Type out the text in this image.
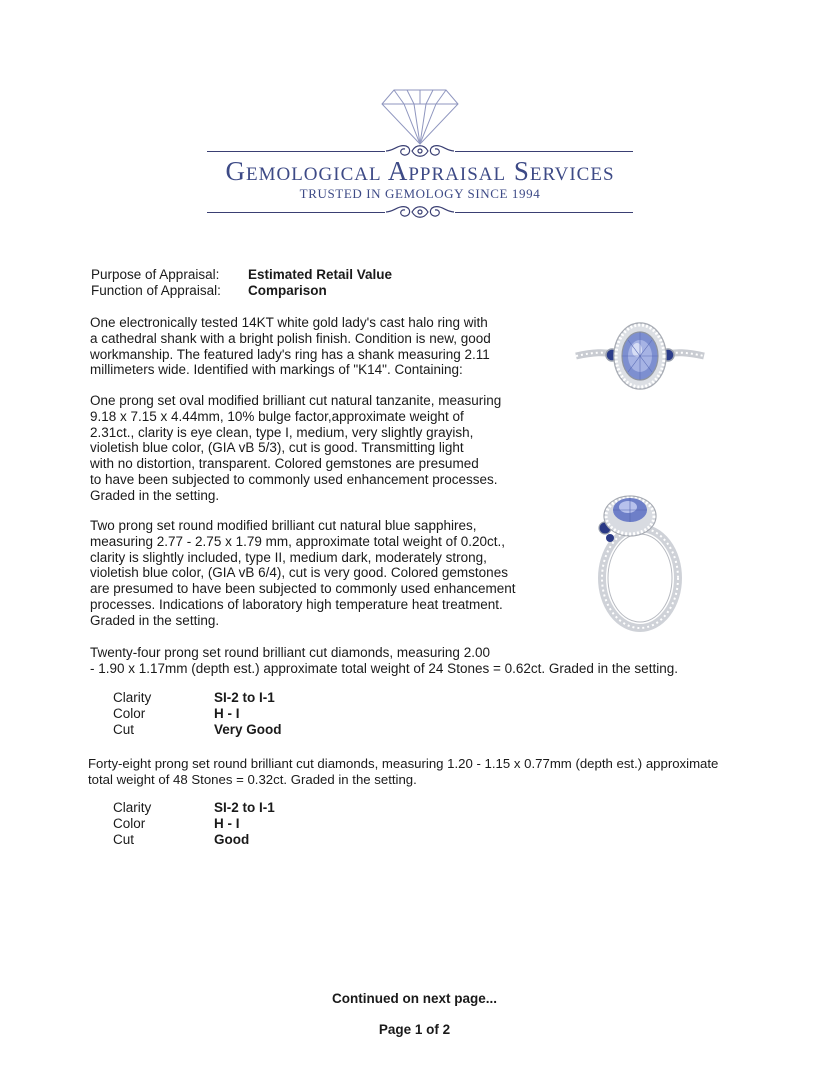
Gemological Appraisal Services
TRUSTED IN GEMOLOGY SINCE 1994
Purpose of Appraisal: Estimated Retail Value
Function of Appraisal: Comparison
One electronically tested 14KT white gold lady's cast halo ring with
a cathedral shank with a bright polish finish. Condition is new, good
workmanship. The featured lady's ring has a shank measuring 2.11
millimeters wide. Identified with markings of "K14". Containing:
One prong set oval modified brilliant cut natural tanzanite, measuring
9.18 x 7.15 x 4.44mm, 10% bulge factor,approximate weight of
2.31ct., clarity is eye clean, type I, medium, very slightly grayish,
violetish blue color, (GIA vB 5/3), cut is good. Transmitting light
with no distortion, transparent. Colored gemstones are presumed
to have been subjected to commonly used enhancement processes.
Graded in the setting.
Two prong set round modified brilliant cut natural blue sapphires,
measuring 2.77 - 2.75 x 1.79 mm, approximate total weight of 0.20ct.,
clarity is slightly included, type II, medium dark, moderately strong,
violetish blue color, (GIA vB 6/4), cut is very good. Colored gemstones
are presumed to have been subjected to commonly used enhancement
processes. Indications of laboratory high temperature heat treatment.
Graded in the setting.
Twenty-four prong set round brilliant cut diamonds, measuring 2.00
- 1.90 x 1.17mm (depth est.) approximate total weight of 24 Stones = 0.62ct. Graded in the setting.
Clarity	SI-2 to I-1
Color	H - I
Cut	Very Good
Forty-eight prong set round brilliant cut diamonds, measuring 1.20 - 1.15 x 0.77mm (depth est.) approximate
total weight of 48 Stones = 0.32ct. Graded in the setting.
Clarity	SI-2 to I-1
Color	H - I
Cut	Good
Continued on next page...
Page 1 of 2
